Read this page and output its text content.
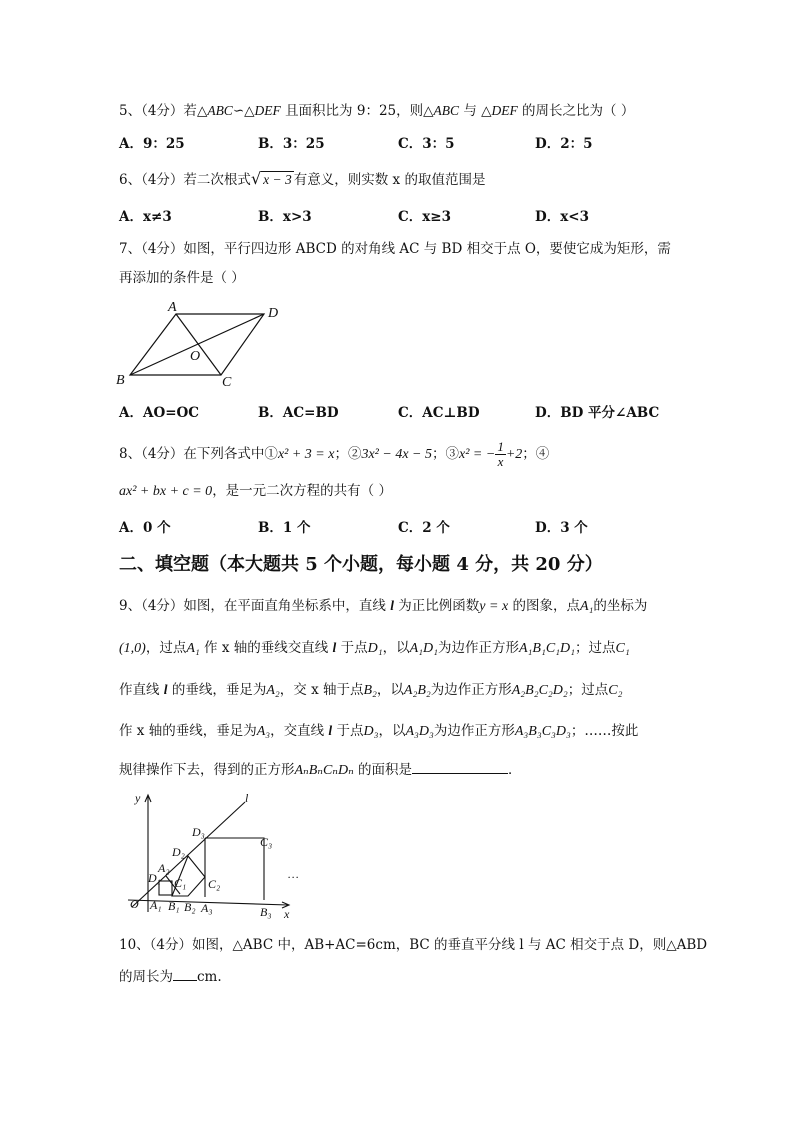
5、（4分）若△ABC∽△DEF 且面积比为 9：25，则△ABC 与 △DEF 的周长之比为（ ）
A．9：25	B．3：25	C．3：5	D．2：5
6、（4分）若二次根式√ x − 3 有意义，则实数 x 的取值范围是
A．x≠3	B．x>3	C．x≥3	D．x<3
7、（4分）如图，平行四边形 ABCD 的对角线 AC 与 BD 相交于点 O，要使它成为矩形，需
再添加的条件是（ ）
A	D
B	C
O
A．AO=OC	B．AC=BD	C．AC⊥BD	D．BD 平分∠ABC
8、（4分）在下列各式中①x² + 3 = x；②3x² − 4x − 5；③x² = − $\frac{1}{x} +2$；④
ax² + bx + c = 0，是一元二次方程的共有（ ）
A．0 个	B．1 个	C．2 个	D．3 个
二、填空题（本大题共 5 个小题，每小题 4 分，共 20 分）
9、（4分）如图，在平面直角坐标系中，直线 l 为正比例函数y = x 的图象，点A₁的坐标为
(1,0)，过点A₁ 作 x 轴的垂线交直线 l 于点D₁，以A₁D₁为边作正方形A₁B₁C₁D₁；过点C₁
作直线 l 的垂线，垂足为A₂，交 x 轴于点B₂，以A₂B₂为边作正方形A₂B₂C₂D₂；过点C₂
作 x 轴的垂线，垂足为A₃，交直线 l 于点D₃，以A₃D₃为边作正方形A₃B₃C₃D₃；……按此
规律操作下去，得到的正方形AₙBₙCₙDₙ 的面积是	．
y
x
O
l
A₁ B₁ B₂ A₃	B₃
D₁
A₂
C₁
D₂
C₂
D₃
C₃
…
10、（4分）如图，△ABC 中，AB+AC=6cm，BC 的垂直平分线 l 与 AC 相交于点 D，则△ABD
的周长为 cm.
